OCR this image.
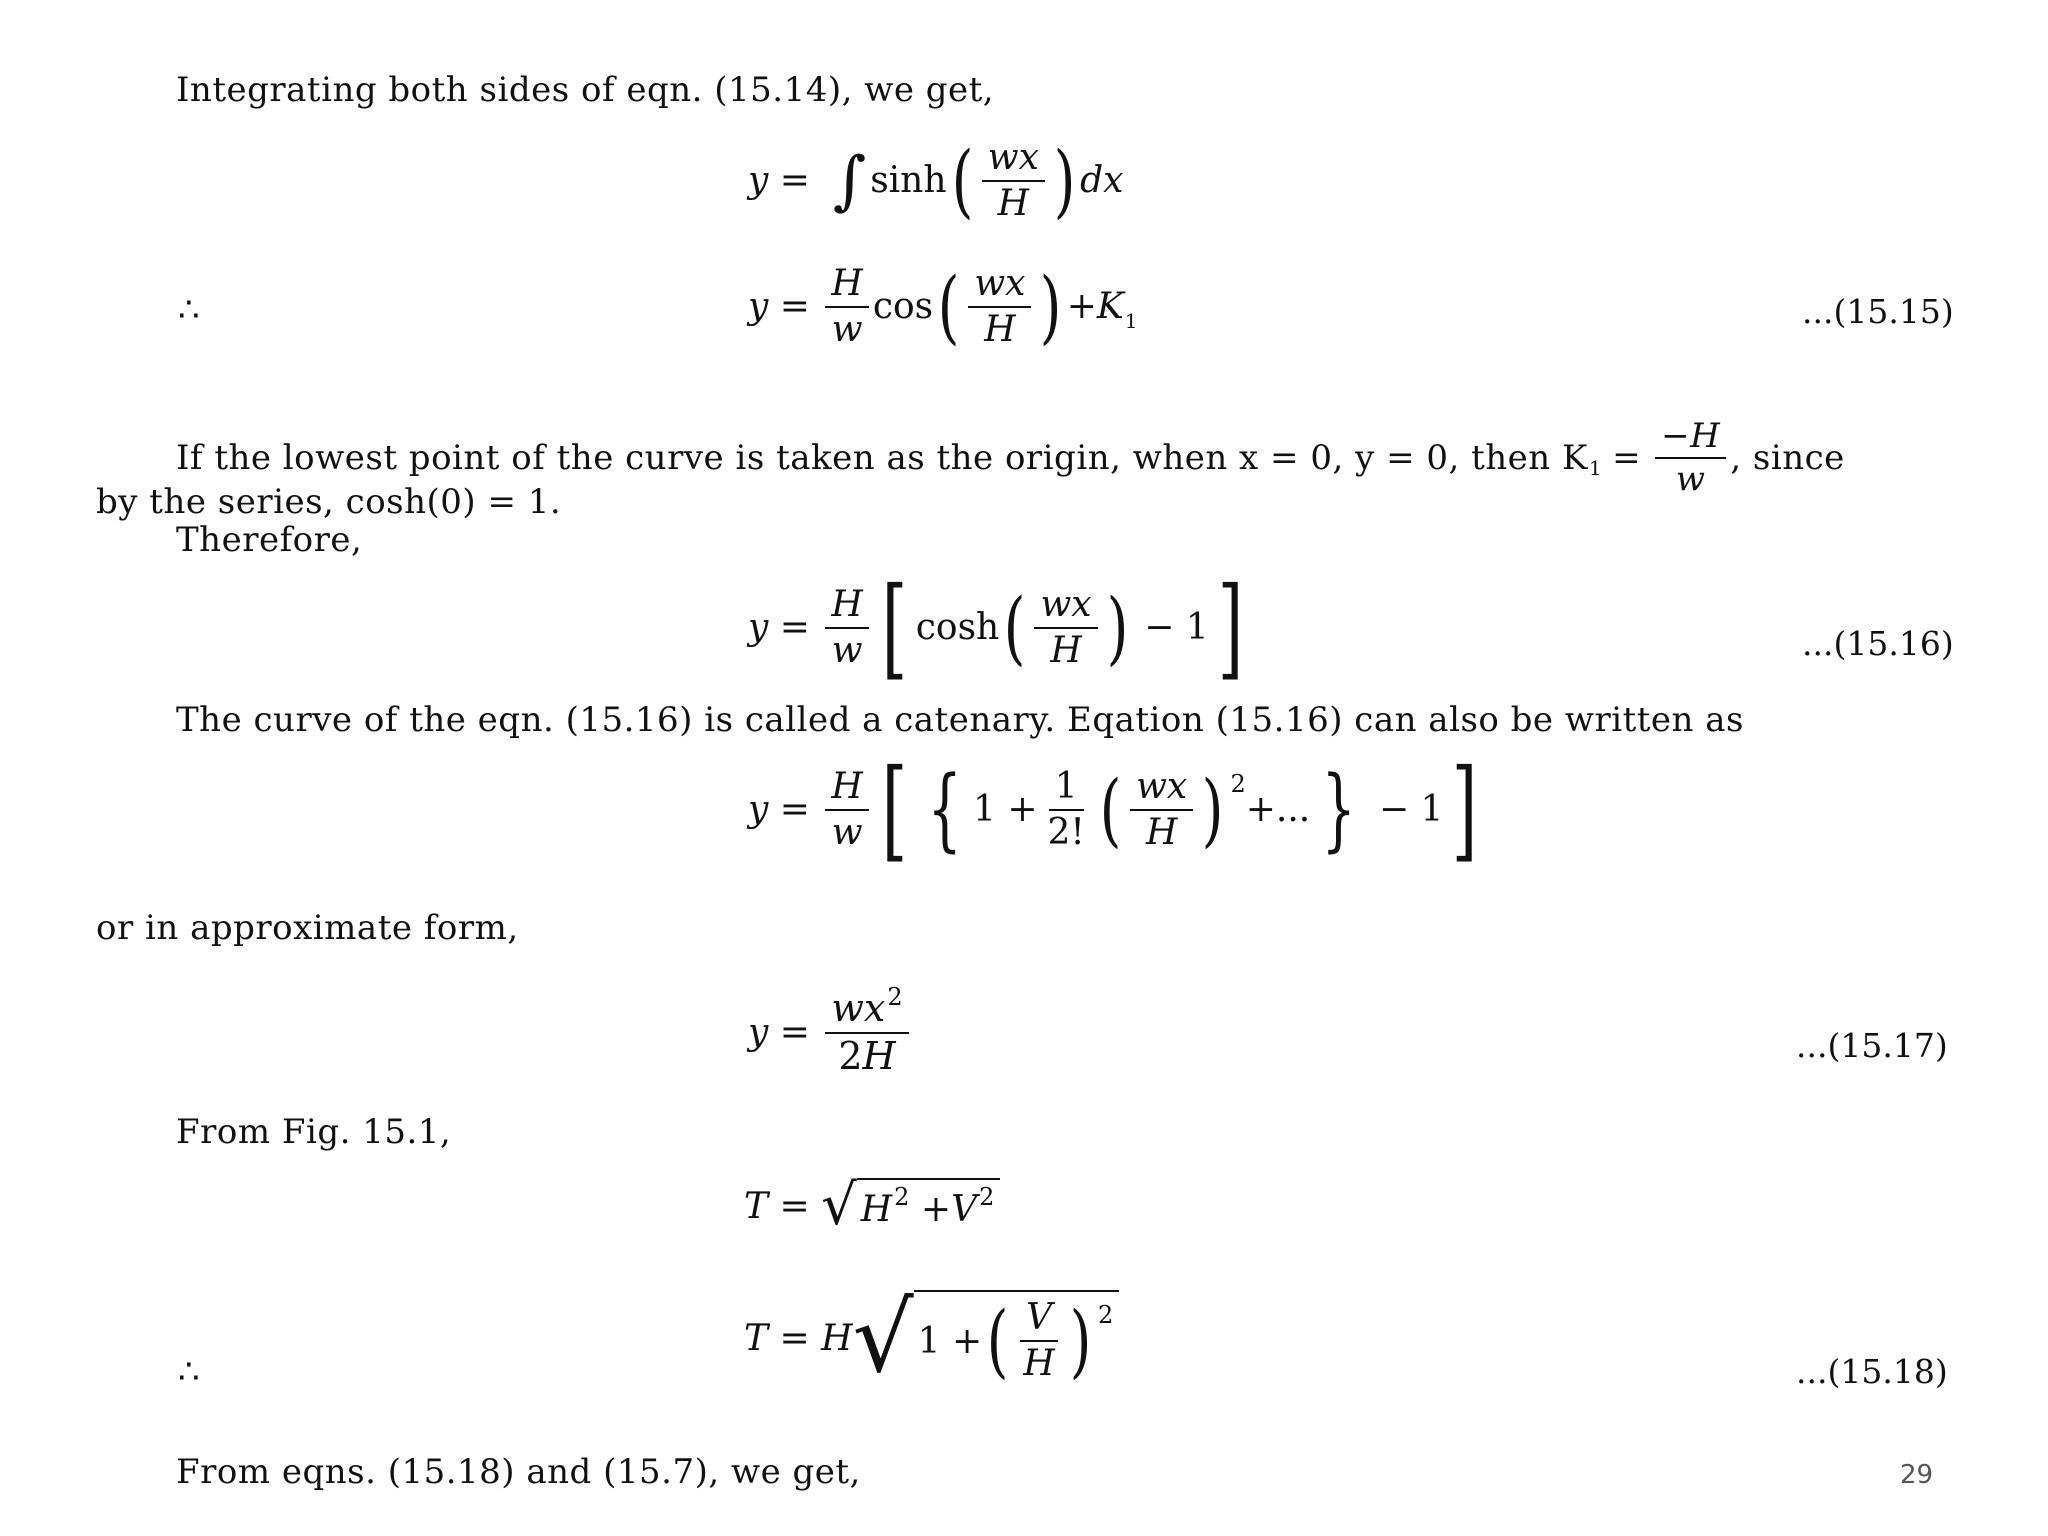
Integrating both sides of eqn. (15.14), we get,
y = ∫ sinh ( $\frac{wx}{H}$ ) dx
∴	$y = \frac{H}{w}$ cos ( $\frac{wx}{H}$ ) $+K_1$	...(15.15)
If the lowest point of the curve is taken as the origin, when x = 0, y = 0, then K $1 = \frac{-H}{w}$ , since
by the series, cosh(0) = 1.
Therefore,
$y = \frac{H}{w}$ [ cosh ( $\frac{wx}{H}$ ) − 1 ]	...(15.16)
The curve of the eqn. (15.16) is called a catenary. Eqation (15.16) can also be written as
$y = \frac{H}{w}$ [ { $1 + \frac{1}{2!}$ ( $\frac{wx}{H}$ ) 2
+... } − 1 ]
or in approximate form,
$y = \frac{wx^2}{2H}$	...(15.17)
From Fig. 15.1,
T = √ H 2 + V 2
∴
T = H √ 1 + ( $\frac{V}{H}$ ) 2
...(15.18)
From eqns. (15.18) and (15.7), we get,	29
